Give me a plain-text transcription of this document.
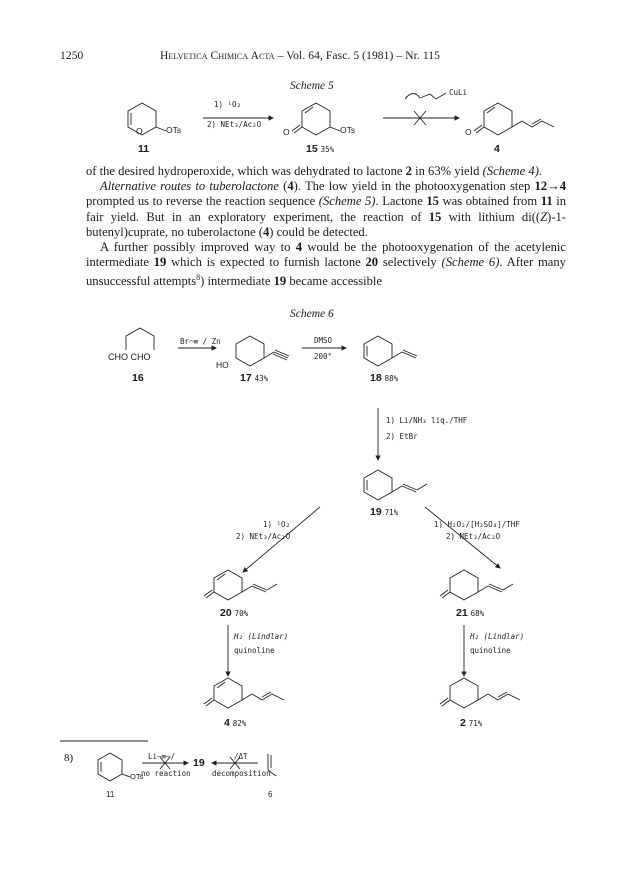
1250	Helvetica Chimica Acta – Vol. 64, Fasc. 5 (1981) – Nr. 115
Scheme 5
1) ¹O₂
2) NEt₃/Ac₂O
CuLi
O	OTs	O	OTs	O
11	15 35%	4

of the desired hydroperoxide, which was dehydrated to lactone 2 in 63% yield (Scheme 4).

Alternative routes to tuberolactone (4). The low yield in the photooxygenation step 12→4 prompted us to reverse the reaction sequence (Scheme 5). Lactone 15 was obtained from 11 in fair yield. But in an exploratory experiment, the reaction of 15 with lithium di((Z)-1-butenyl)cuprate, no tuberolactone (4) could be detected.

A further possibly improved way to 4 would be the photooxygenation of the acetylenic intermediate 19 which is expected to furnish lactone 20 selectively (Scheme 6). After many unsuccessful attempts$^8$) intermediate 19 became accessible

Scheme 6
CHO CHO
Br⌒≡ / Zn	DMSO
200°
HO
1) Li/NH₃ liq./THF
2) EtBr
1) ¹O₂
2) NEt₃/Ac₂O
1) H₂O₂/[H₂SO₄]/THF
2) NEt₃/Ac₂O
H₂ (Lindlar)
quinoline
H₂ (Lindlar)
quinoline
16	17 43%	18 88%
19 71%
20 70%	21 68%
4 82%	2 71%
8)	Li–≡–/
no reaction
19
/ΔT
decomposition
OTs
11	6
